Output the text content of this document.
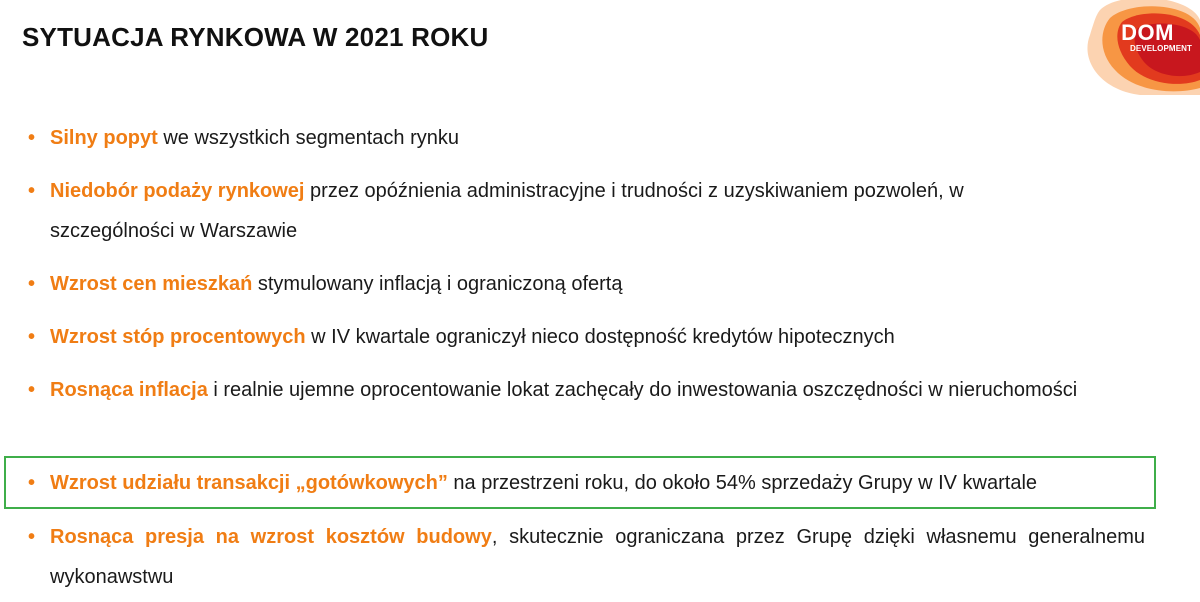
SYTUACJA RYNKOWA W 2021 ROKU	DOM
DEVELOPMENT
• Silny popyt we wszystkich segmentach rynku
• Niedobór podaży rynkowej przez opóźnienia administracyjne i trudności z uzyskiwaniem pozwoleń, w szczególności w Warszawie
• Wzrost cen mieszkań stymulowany inflacją i ograniczoną ofertą
• Wzrost stóp procentowych w IV kwartale ograniczył nieco dostępność kredytów hipotecznych
• Rosnąca inflacja i realnie ujemne oprocentowanie lokat zachęcały do inwestowania oszczędności w nieruchomości
• Wzrost udziału transakcji „gotówkowych” na przestrzeni roku, do około 54% sprzedaży Grupy w IV kwartale
• Rosnąca presja na wzrost kosztów budowy, skutecznie ograniczana przez Grupę dzięki własnemu generalnemu wykonawstwu
